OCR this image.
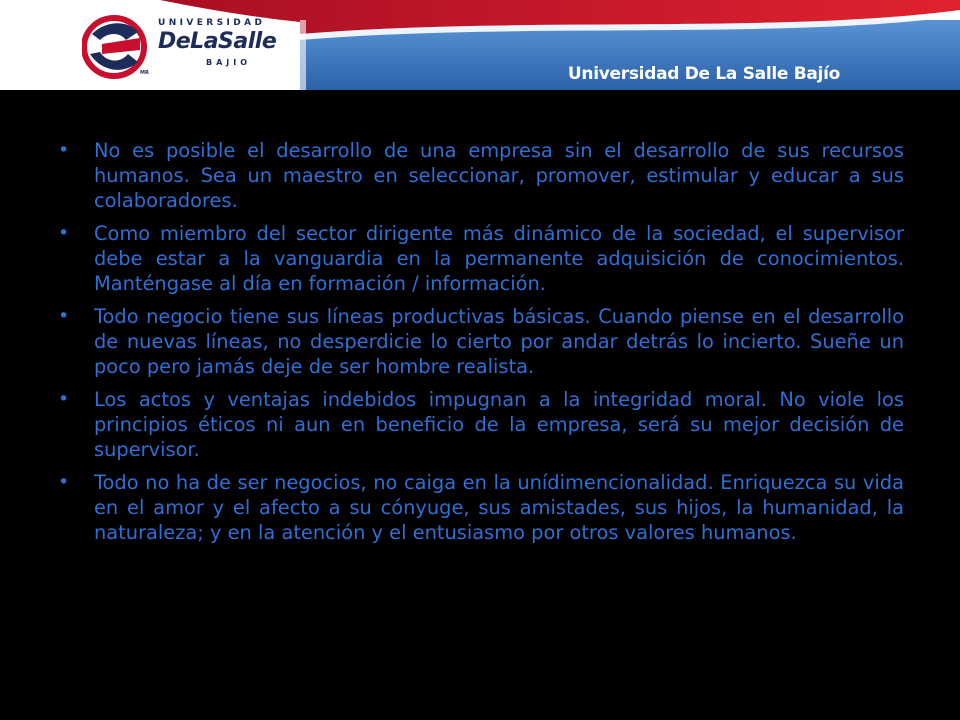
UNIVERSIDAD
DeLaSalle
BAJIO
MR	Universidad De La Salle Bajío
• No es posible el desarrollo de una empresa sin el desarrollo de sus recursos humanos. Sea un maestro en seleccionar, promover, estimular y educar a sus colaboradores.
• Como miembro del sector dirigente más dinámico de la sociedad, el supervisor debe estar a la vanguardia en la permanente adquisición de conocimientos. Manténgase al día en formación / información.
• Todo negocio tiene sus líneas productivas básicas. Cuando piense en el desarrollo de nuevas líneas, no desperdicie lo cierto por andar detrás lo incierto. Sueñe un poco pero jamás deje de ser hombre realista.
• Los actos y ventajas indebidos impugnan a la integridad moral. No viole los principios éticos ni aun en beneficio de la empresa, será su mejor decisión de supervisor.
• Todo no ha de ser negocios, no caiga en la unídimencionalidad. Enriquezca su vida en el amor y el afecto a su cónyuge, sus amistades, sus hijos, la humanidad, la naturaleza; y en la atención y el entusiasmo por otros valores humanos.
